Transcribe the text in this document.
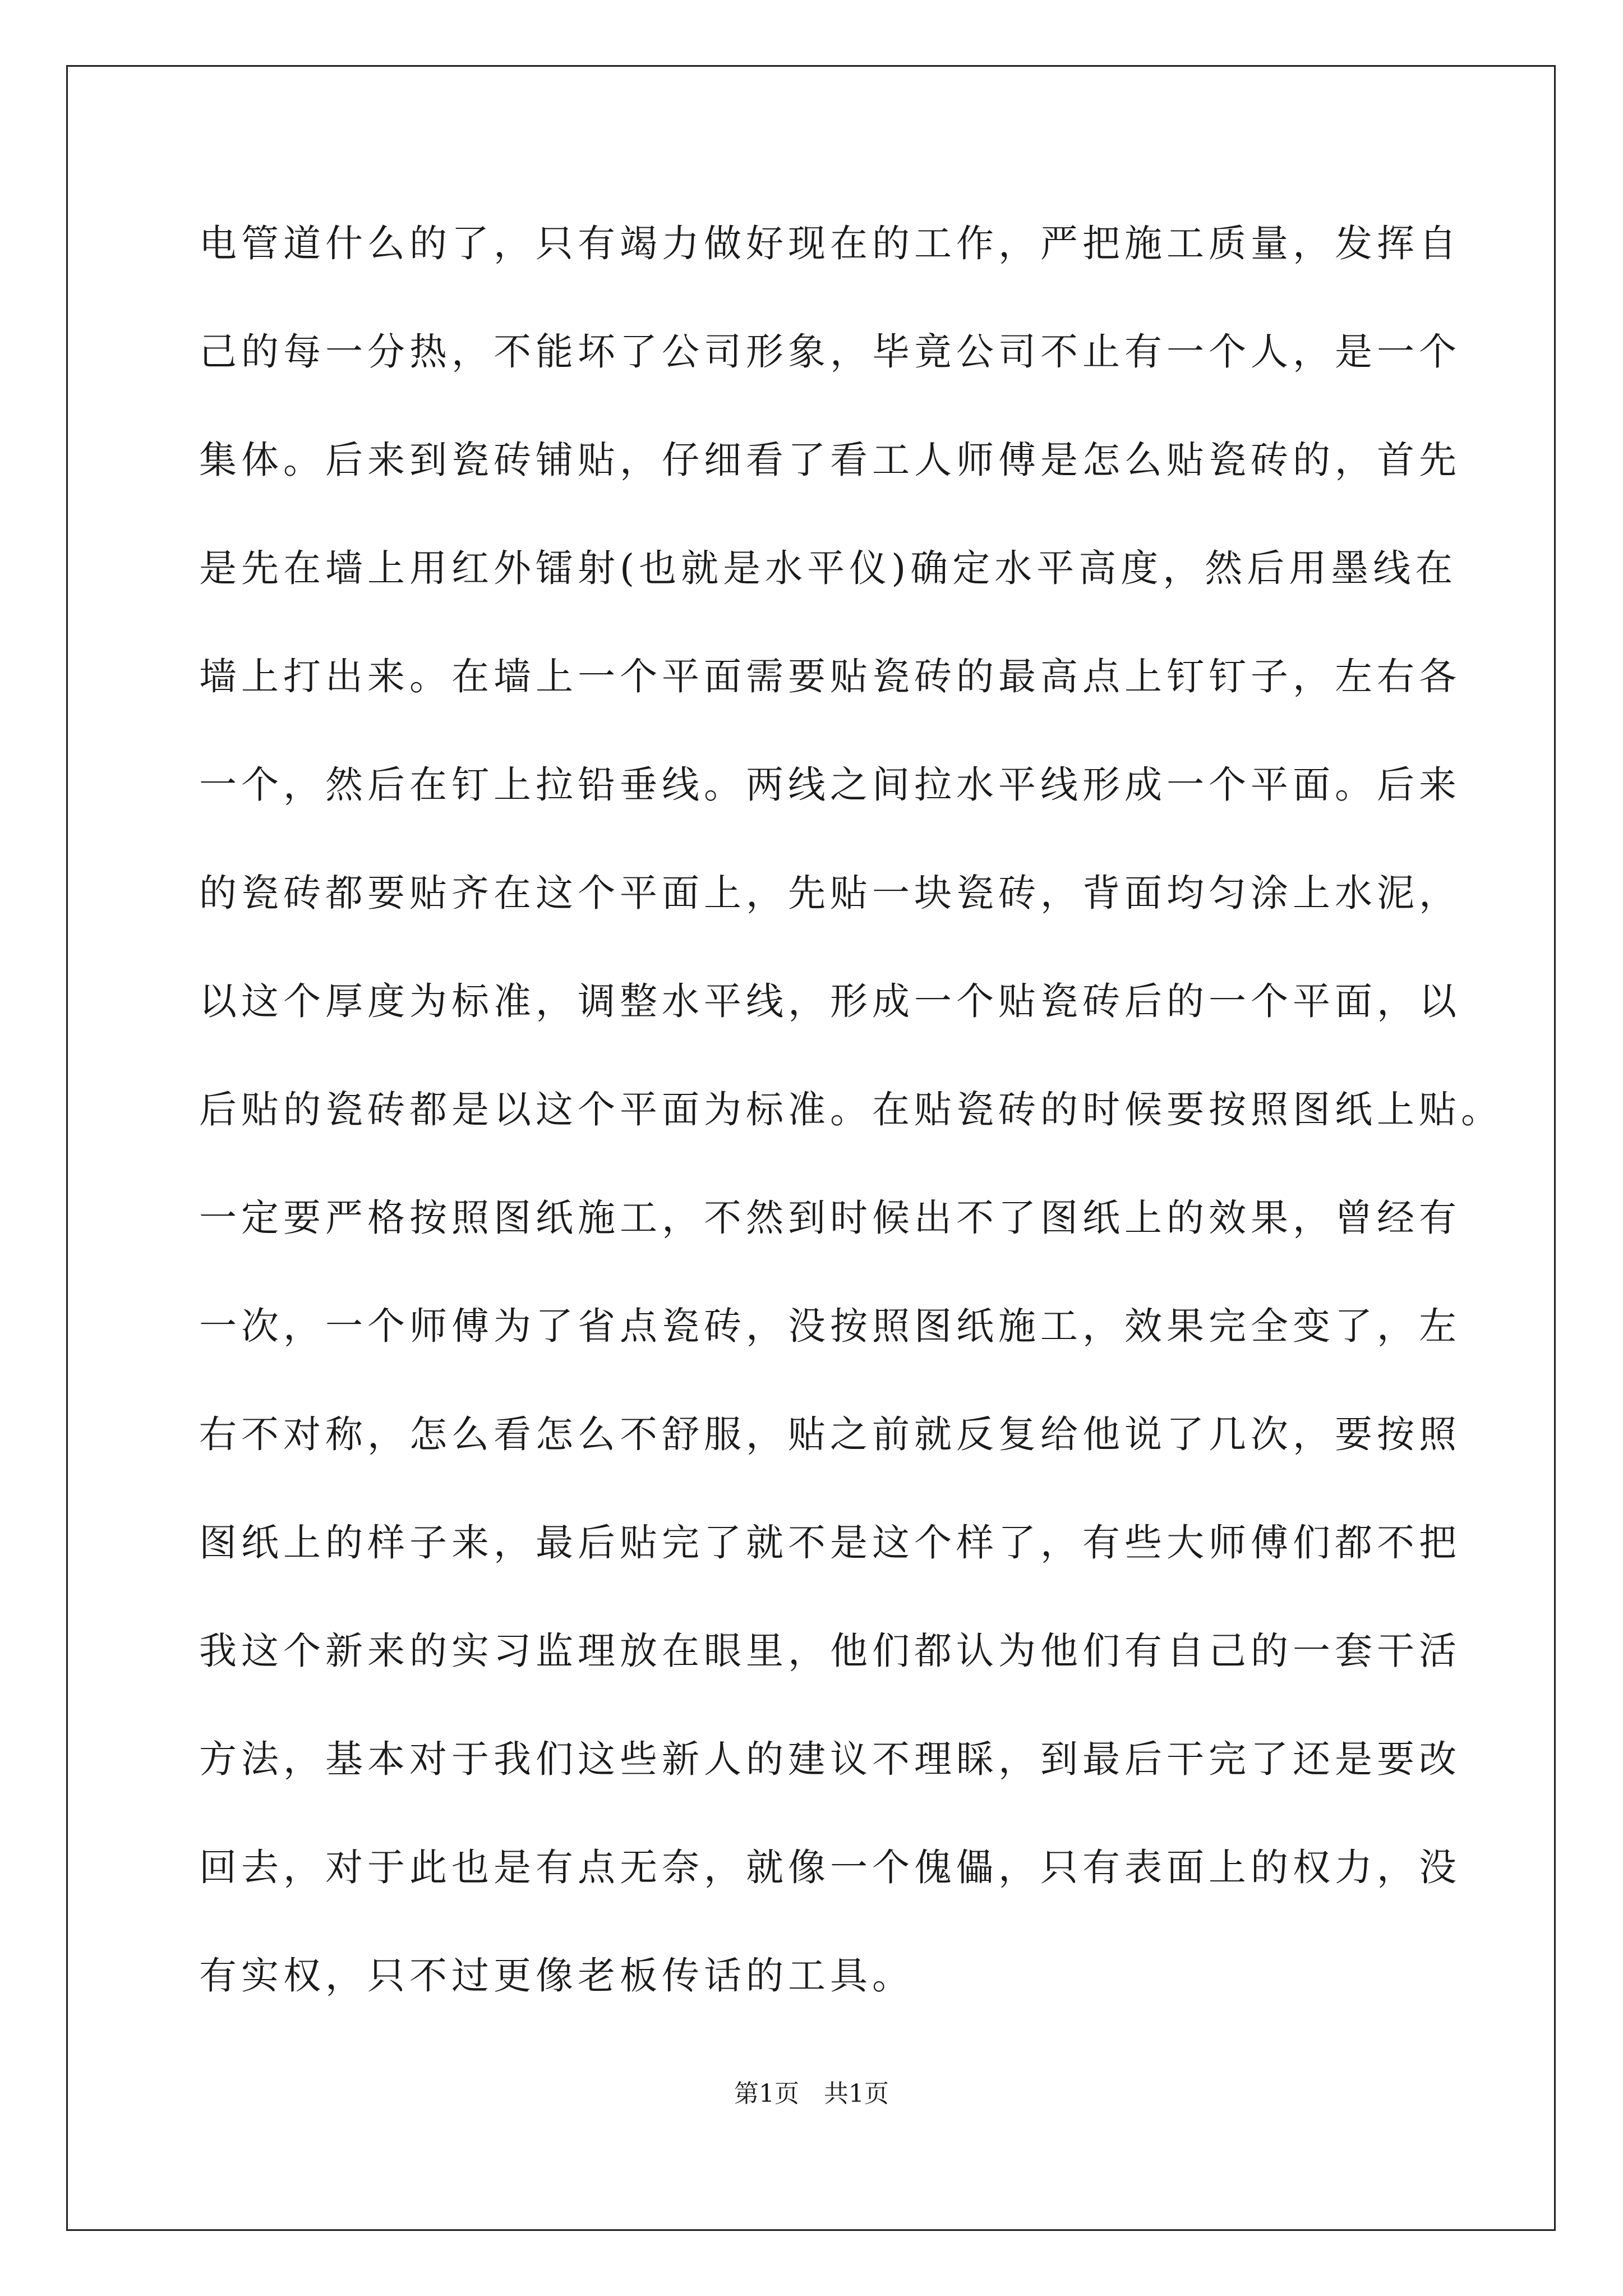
电管道什么的了，只有竭力做好现在的工作，严把施工质量，发挥自
己的每一分热，不能坏了公司形象，毕竟公司不止有一个人，是一个
集体。后来到瓷砖铺贴，仔细看了看工人师傅是怎么贴瓷砖的，首先
是先在墙上用红外镭射(也就是水平仪)确定水平高度，然后用墨线在
墙上打出来。在墙上一个平面需要贴瓷砖的最高点上钉钉子，左右各
一个，然后在钉上拉铅垂线。两线之间拉水平线形成一个平面。后来
的瓷砖都要贴齐在这个平面上，先贴一块瓷砖，背面均匀涂上水泥，
以这个厚度为标准，调整水平线，形成一个贴瓷砖后的一个平面，以
后贴的瓷砖都是以这个平面为标准。在贴瓷砖的时候要按照图纸上贴。
一定要严格按照图纸施工，不然到时候出不了图纸上的效果，曾经有
一次，一个师傅为了省点瓷砖，没按照图纸施工，效果完全变了，左
右不对称，怎么看怎么不舒服，贴之前就反复给他说了几次，要按照
图纸上的样子来，最后贴完了就不是这个样了，有些大师傅们都不把
我这个新来的实习监理放在眼里，他们都认为他们有自己的一套干活
方法，基本对于我们这些新人的建议不理睬，到最后干完了还是要改
回去，对于此也是有点无奈，就像一个傀儡，只有表面上的权力，没
有实权，只不过更像老板传话的工具。
第1页　共1页
